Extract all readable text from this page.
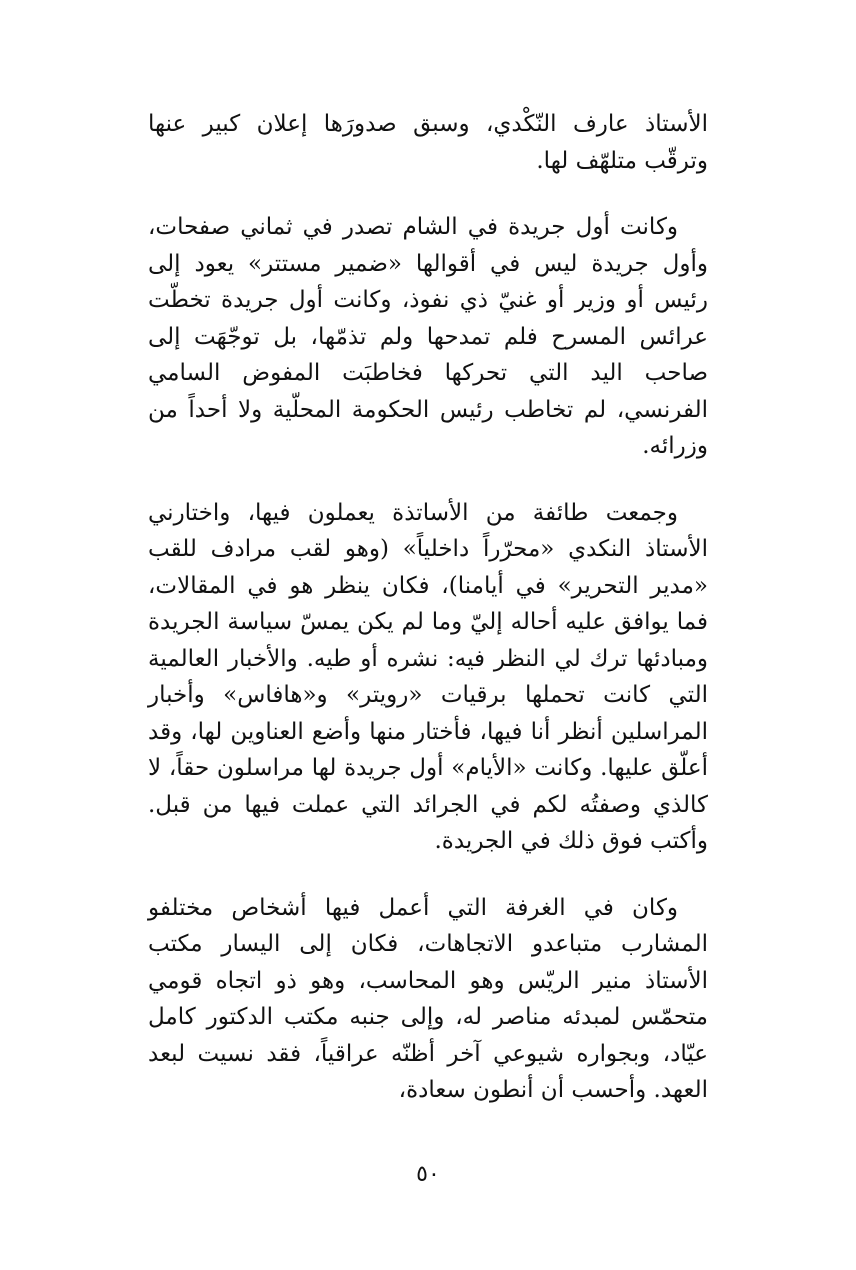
الأستاذ عارف النّكْدي، وسبق صدورَها إعلان كبير عنها وترقّب متلهّف لها.

وكانت أول جريدة في الشام تصدر في ثماني صفحات، وأول جريدة ليس في أقوالها «ضمير مستتر» يعود إلى رئيس أو وزير أو غنيّ ذي نفوذ، وكانت أول جريدة تخطّت عرائس المسرح فلم تمدحها ولم تذمّها، بل توجّهَت إلى صاحب اليد التي تحركها فخاطبَت المفوض السامي الفرنسي، لم تخاطب رئيس الحكومة المحلّية ولا أحداً من وزرائه.

وجمعت طائفة من الأساتذة يعملون فيها، واختارني الأستاذ النكدي «محرّراً داخلياً» (وهو لقب مرادف للقب «مدير التحرير» في أيامنا)، فكان ينظر هو في المقالات، فما يوافق عليه أحاله إليّ وما لم يكن يمسّ سياسة الجريدة ومبادئها ترك لي النظر فيه: نشره أو طيه. والأخبار العالمية التي كانت تحملها برقيات «رويتر» و«هافاس» وأخبار المراسلين أنظر أنا فيها، فأختار منها وأضع العناوين لها، وقد أعلّق عليها. وكانت «الأيام» أول جريدة لها مراسلون حقاً، لا كالذي وصفتُه لكم في الجرائد التي عملت فيها من قبل. وأكتب فوق ذلك في الجريدة.

وكان في الغرفة التي أعمل فيها أشخاص مختلفو المشارب متباعدو الاتجاهات، فكان إلى اليسار مكتب الأستاذ منير الريّس وهو المحاسب، وهو ذو اتجاه قومي متحمّس لمبدئه مناصر له، وإلى جنبه مكتب الدكتور كامل عيّاد، وبجواره شيوعي آخر أظنّه عراقياً، فقد نسيت لبعد العهد. وأحسب أن أنطون سعادة،

٥٠
